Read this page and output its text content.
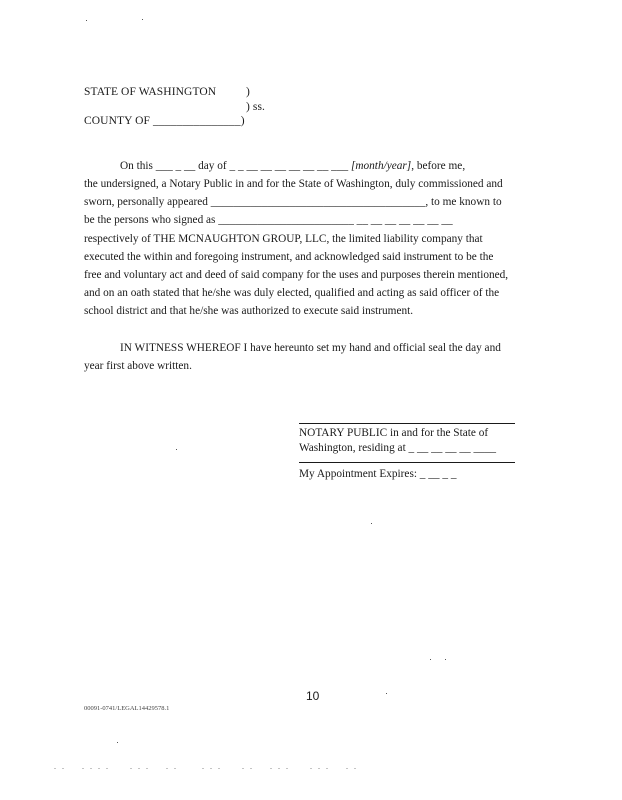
STATE OF WASHINGTON	)
) ss.
COUNTY OF _______________)
On this ___ _ __ day of _ _ __ __ __ __ __ __ ___ [month/year], before me,
the undersigned, a Notary Public in and for the State of Washington, duly commissioned and
sworn, personally appeared ______________________________________, to me known to
be the persons who signed as ________________________ __ __ __ __ __ __ __
respectively of THE MCNAUGHTON GROUP, LLC, the limited liability company that
executed the within and foregoing instrument, and acknowledged said instrument to be the
free and voluntary act and deed of said company for the uses and purposes therein mentioned,
and on an oath stated that he/she was duly elected, qualified and acting as said officer of the
school district and that he/she was authorized to execute said instrument.
IN WITNESS WHEREOF I have hereunto set my hand and official seal the day and
year first above written.
NOTARY PUBLIC in and for the State of
Washington, residing at _ __ __ __ __ ____
My Appointment Expires: _ __ _ _
10
00091-0741/LEGAL14429578.1
. .    . . . .     . . .    . .      . . .     . .    . . .     . . .    . .
